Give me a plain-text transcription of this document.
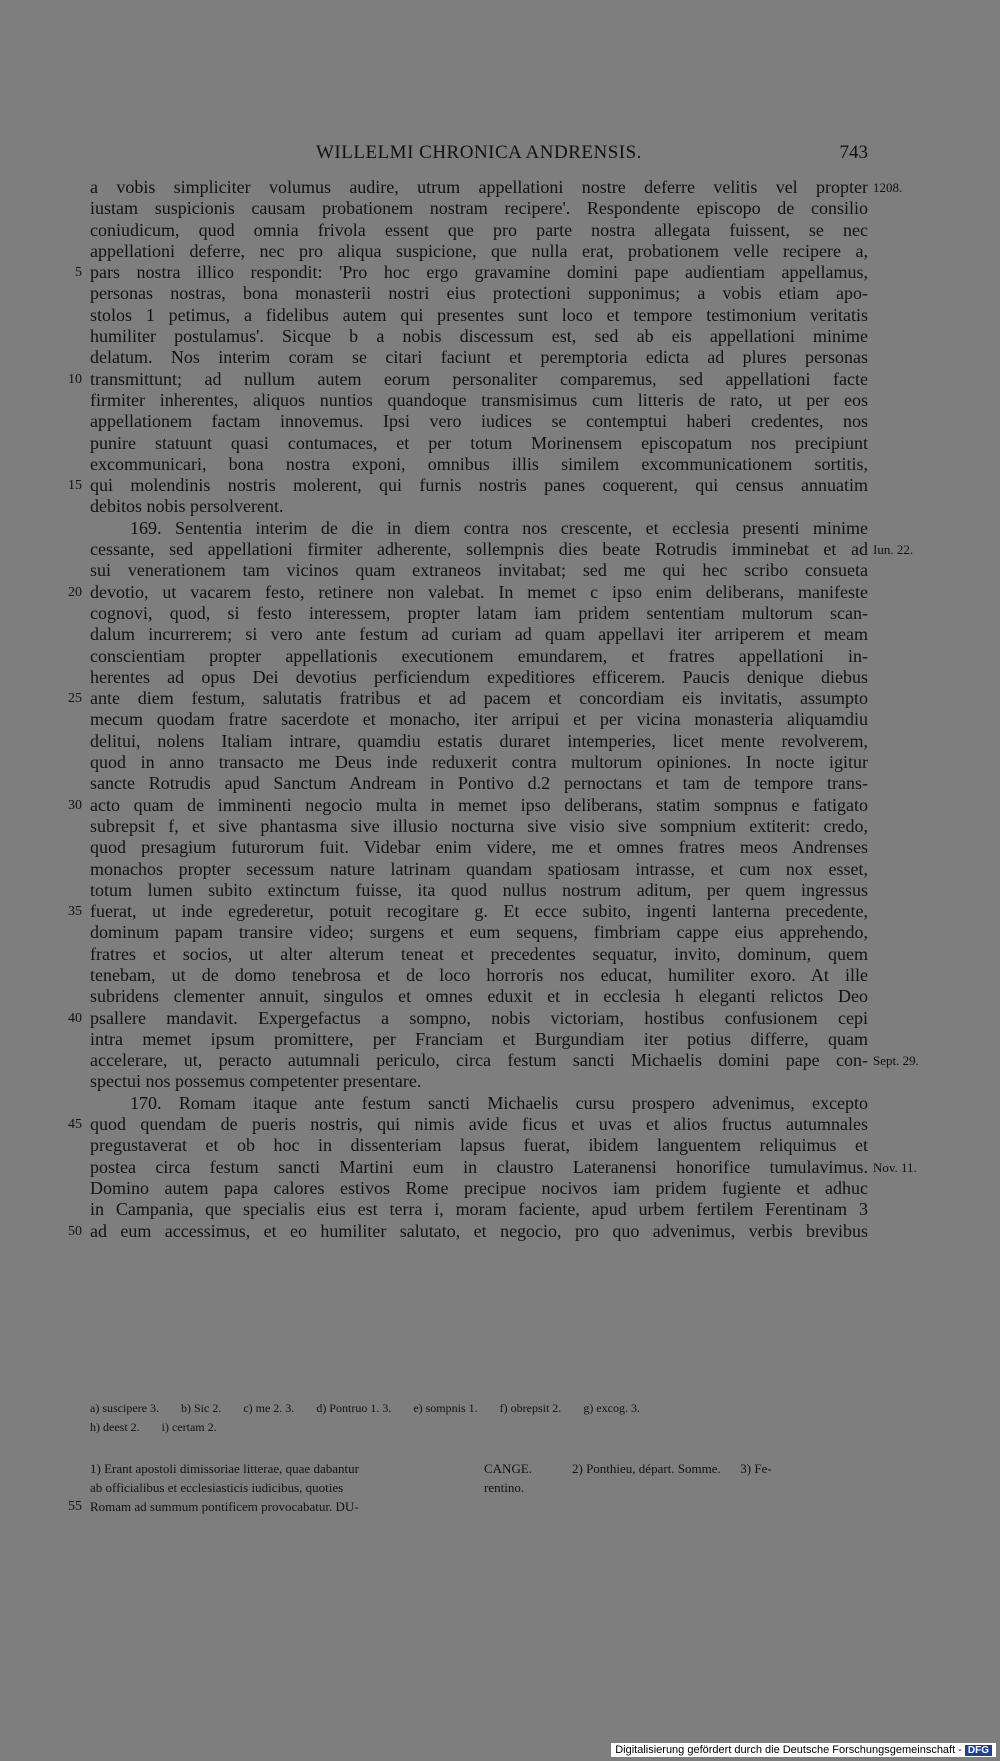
WILLELMI CHRONICA ANDRENSIS.	743
a vobis simpliciter volumus audire, utrum appellationi nostre deferre velitis vel propter 1208.
iustam suspicionis causam probationem nostram recipere'. Respondente episcopo de consilio
coniudicum, quod omnia frivola essent que pro parte nostra allegata fuissent, se nec
appellationi deferre, nec pro aliqua suspicione, que nulla erat, probationem velle recipere a,
5 pars nostra illico respondit: 'Pro hoc ergo gravamine domini pape audientiam appellamus,
personas nostras, bona monasterii nostri eius protectioni supponimus; a vobis etiam apo-
stolos 1 petimus, a fidelibus autem qui presentes sunt loco et tempore testimonium veritatis
humiliter postulamus'. Sicque b a nobis discessum est, sed ab eis appellationi minime
delatum. Nos interim coram se citari faciunt et peremptoria edicta ad plures personas
10 transmittunt; ad nullum autem eorum personaliter comparemus, sed appellationi facte
firmiter inherentes, aliquos nuntios quandoque transmisimus cum litteris de rato, ut per eos
appellationem factam innovemus. Ipsi vero iudices se contemptui haberi credentes, nos
punire statuunt quasi contumaces, et per totum Morinensem episcopatum nos precipiunt
excommunicari, bona nostra exponi, omnibus illis similem excommunicationem sortitis,
15 qui molendinis nostris molerent, qui furnis nostris panes coquerent, qui census annuatim
debitos nobis persolverent.
169. Sententia interim de die in diem contra nos crescente, et ecclesia presenti minime
cessante, sed appellationi firmiter adherente, sollempnis dies beate Rotrudis imminebat et ad Iun. 22.
sui venerationem tam vicinos quam extraneos invitabat; sed me qui hec scribo consueta
20 devotio, ut vacarem festo, retinere non valebat. In memet c ipso enim deliberans, manifeste
cognovi, quod, si festo interessem, propter latam iam pridem sententiam multorum scan-
dalum incurrerem; si vero ante festum ad curiam ad quam appellavi iter arriperem et meam
conscientiam propter appellationis executionem emundarem, et fratres appellationi in-
herentes ad opus Dei devotius perficiendum expeditiores efficerem. Paucis denique diebus
25 ante diem festum, salutatis fratribus et ad pacem et concordiam eis invitatis, assumpto
mecum quodam fratre sacerdote et monacho, iter arripui et per vicina monasteria aliquamdiu
delitui, nolens Italiam intrare, quamdiu estatis duraret intemperies, licet mente revolverem,
quod in anno transacto me Deus inde reduxerit contra multorum opiniones. In nocte igitur
sancte Rotrudis apud Sanctum Andream in Pontivo d.2 pernoctans et tam de tempore trans-
30 acto quam de imminenti negocio multa in memet ipso deliberans, statim sompnus e fatigato
subrepsit f, et sive phantasma sive illusio nocturna sive visio sive sompnium extiterit: credo,
quod presagium futurorum fuit. Videbar enim videre, me et omnes fratres meos Andrenses
monachos propter secessum nature latrinam quandam spatiosam intrasse, et cum nox esset,
totum lumen subito extinctum fuisse, ita quod nullus nostrum aditum, per quem ingressus
35 fuerat, ut inde egrederetur, potuit recogitare g. Et ecce subito, ingenti lanterna precedente,
dominum papam transire video; surgens et eum sequens, fimbriam cappe eius apprehendo,
fratres et socios, ut alter alterum teneat et precedentes sequatur, invito, dominum, quem
tenebam, ut de domo tenebrosa et de loco horroris nos educat, humiliter exoro. At ille
subridens clementer annuit, singulos et omnes eduxit et in ecclesia h eleganti relictos Deo
40 psallere mandavit. Expergefactus a sompno, nobis victoriam, hostibus confusionem cepi
intra memet ipsum promittere, per Franciam et Burgundiam iter potius differre, quam
accelerare, ut, peracto autumnali periculo, circa festum sancti Michaelis domini pape con- Sept. 29.
spectui nos possemus competenter presentare.
170. Romam itaque ante festum sancti Michaelis cursu prospero advenimus, excepto
45 quod quendam de pueris nostris, qui nimis avide ficus et uvas et alios fructus autumnales
pregustaverat et ob hoc in dissenteriam lapsus fuerat, ibidem languentem reliquimus et
postea circa festum sancti Martini eum in claustro Lateranensi honorifice tumulavimus. Nov. 11.
Domino autem papa calores estivos Rome precipue nocivos iam pridem fugiente et adhuc
in Campania, que specialis eius est terra i, moram faciente, apud urbem fertilem Ferentinam 3
50 ad eum accessimus, et eo humiliter salutato, et negocio, pro quo advenimus, verbis brevibus
a) suscipere 3. b) Sic 2. c) me 2. 3. d) Pontruo 1. 3. e) sompnis 1. f) obrepsit 2. g) excog. 3.
h) deest 2. i) certam 2.
55
1) Erant apostoli dimissoriae litterae, quae dabantur
ab officialibus et ecclesiasticis iudicibus, quoties
Romam ad summum pontificem provocabatur. DU-
CANGE.
rentino.
2) Ponthieu, départ. Somme. 3) Fe-
Digitalisierung gefördert durch die Deutsche Forschungsgemeinschaft - DFG
